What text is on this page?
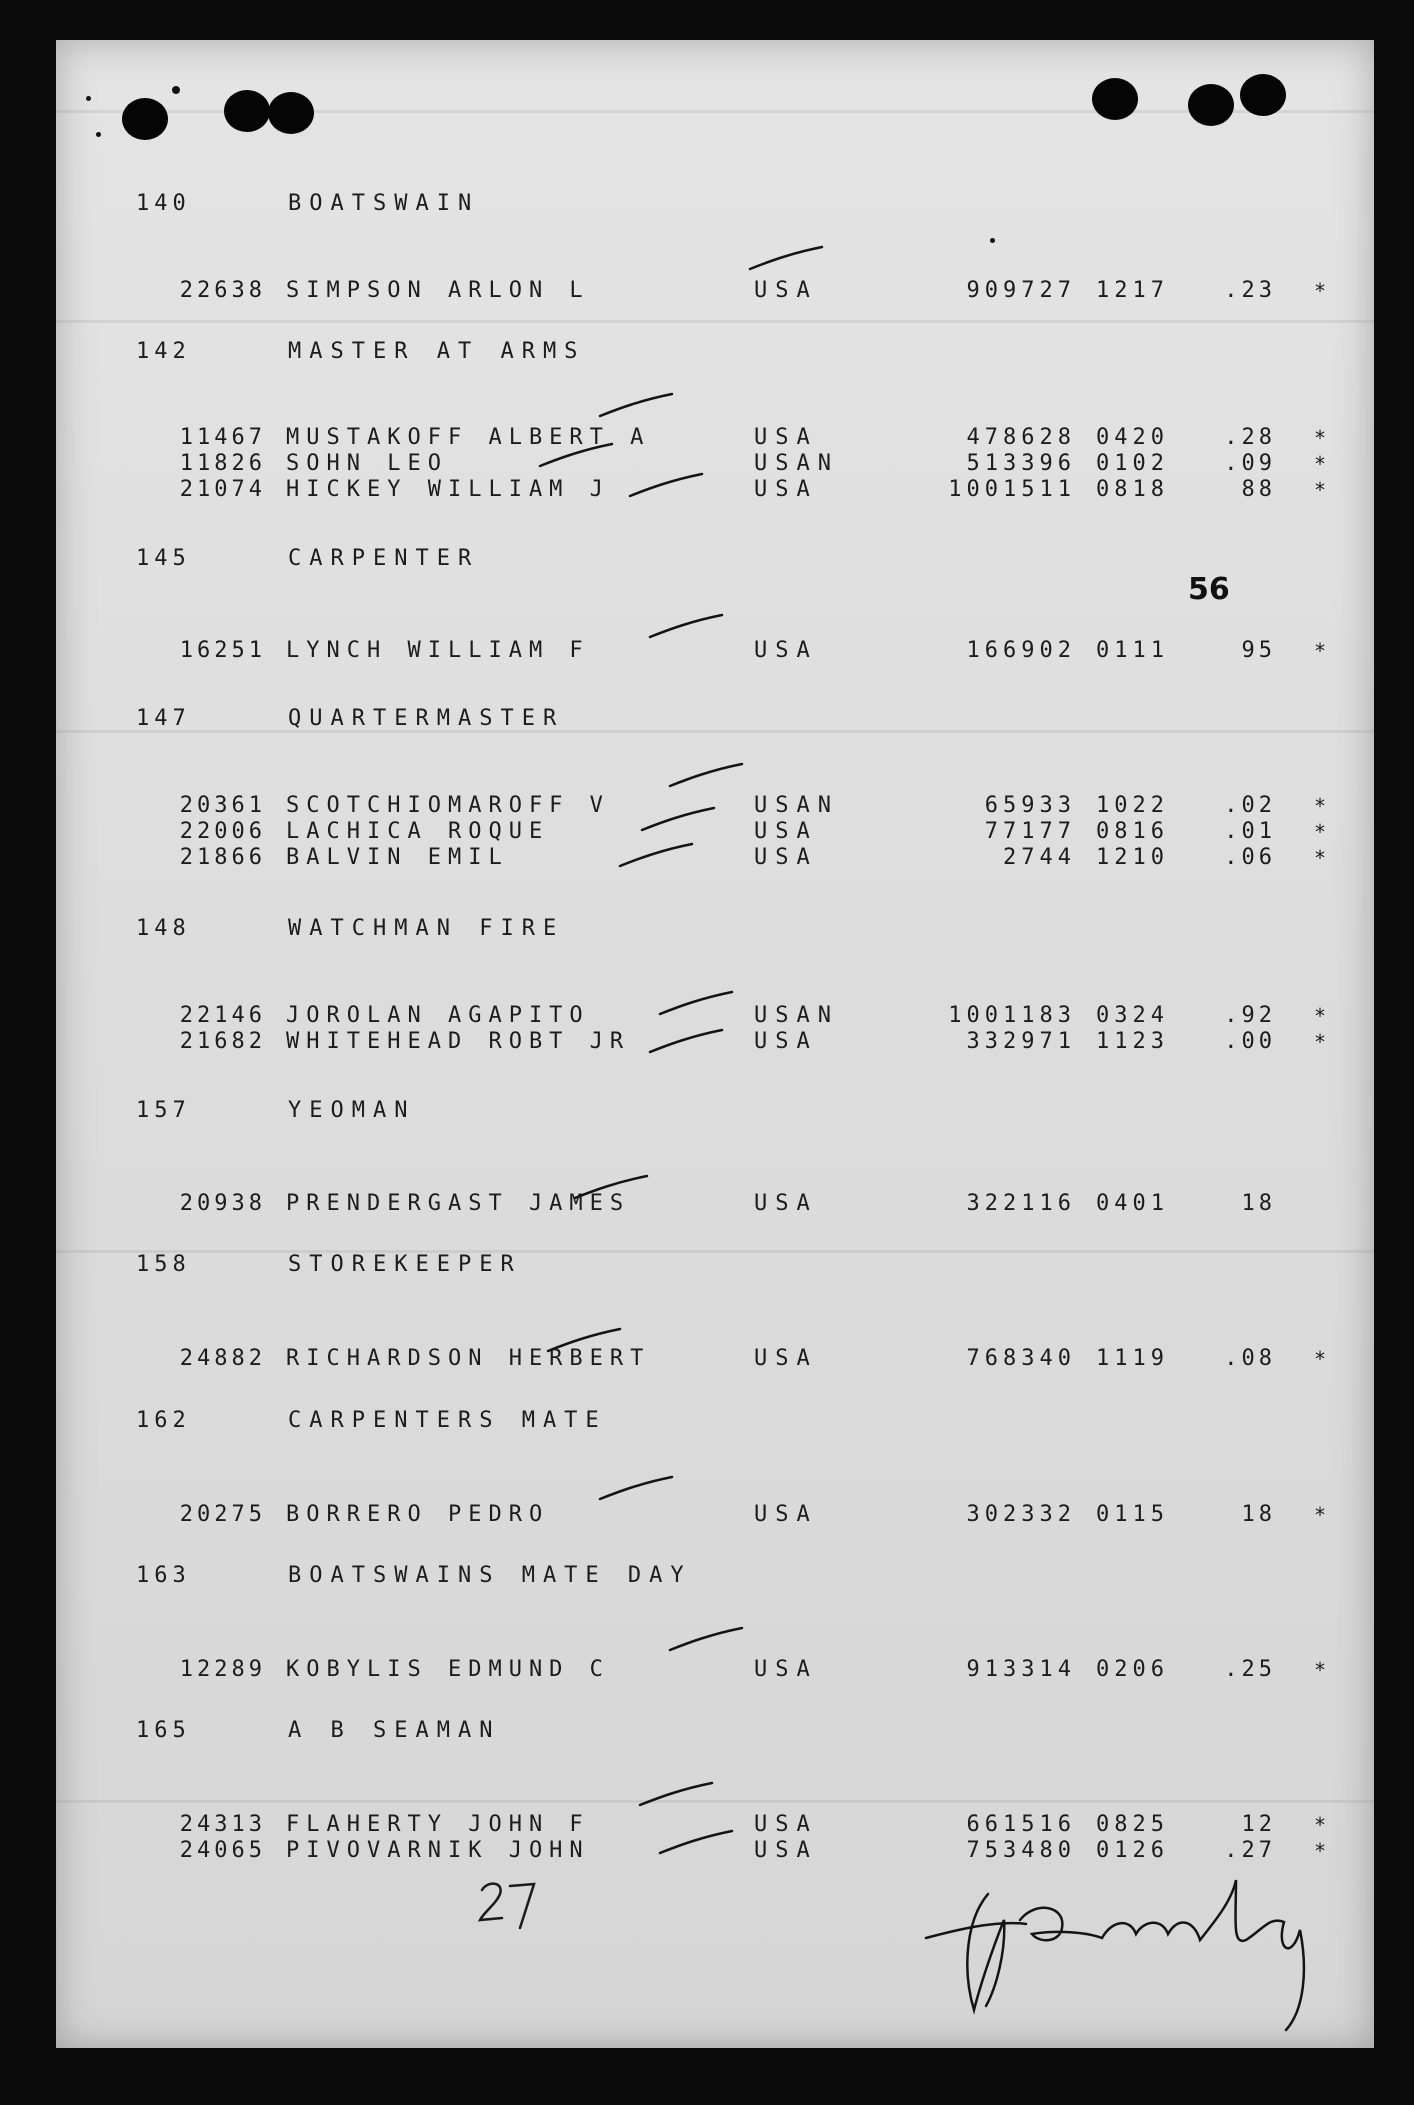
140	BOATSWAIN
22638 SIMPSON ARLON L	USA	909727 1217	.23 *
142	MASTER AT ARMS
11467 MUSTAKOFF ALBERT A	USA	478628 0420	.28 *
11826 SOHN LEO	USAN	513396 0102	.09 *
21074 HICKEY WILLIAM J	USA	1001511 0818	88 *
145	CARPENTER
16251 LYNCH WILLIAM F	USA	166902 0111	95 *
147	QUARTERMASTER
20361 SCOTCHIOMAROFF V	USAN	65933 1022	.02 *
22006 LACHICA ROQUE	USA	77177 0816	.01 *
21866 BALVIN EMIL	USA	2744 1210	.06 *
148	WATCHMAN FIRE
22146 JOROLAN AGAPITO	USAN	1001183 0324	.92 *
21682 WHITEHEAD ROBT JR	USA	332971 1123	.00 *
157	YEOMAN
20938 PRENDERGAST JAMES	USA	322116 0401	18
158	STOREKEEPER
24882 RICHARDSON HERBERT	USA	768340 1119	.08 *
162	CARPENTERS MATE
20275 BORRERO PEDRO	USA	302332 0115	18 *
163	BOATSWAINS MATE DAY
12289 KOBYLIS EDMUND C	USA	913314 0206	.25 *
165	A B SEAMAN
24313 FLAHERTY JOHN F	USA	661516 0825	12 *
24065 PIVOVARNIK JOHN	USA	753480 0126	.27 *
56
